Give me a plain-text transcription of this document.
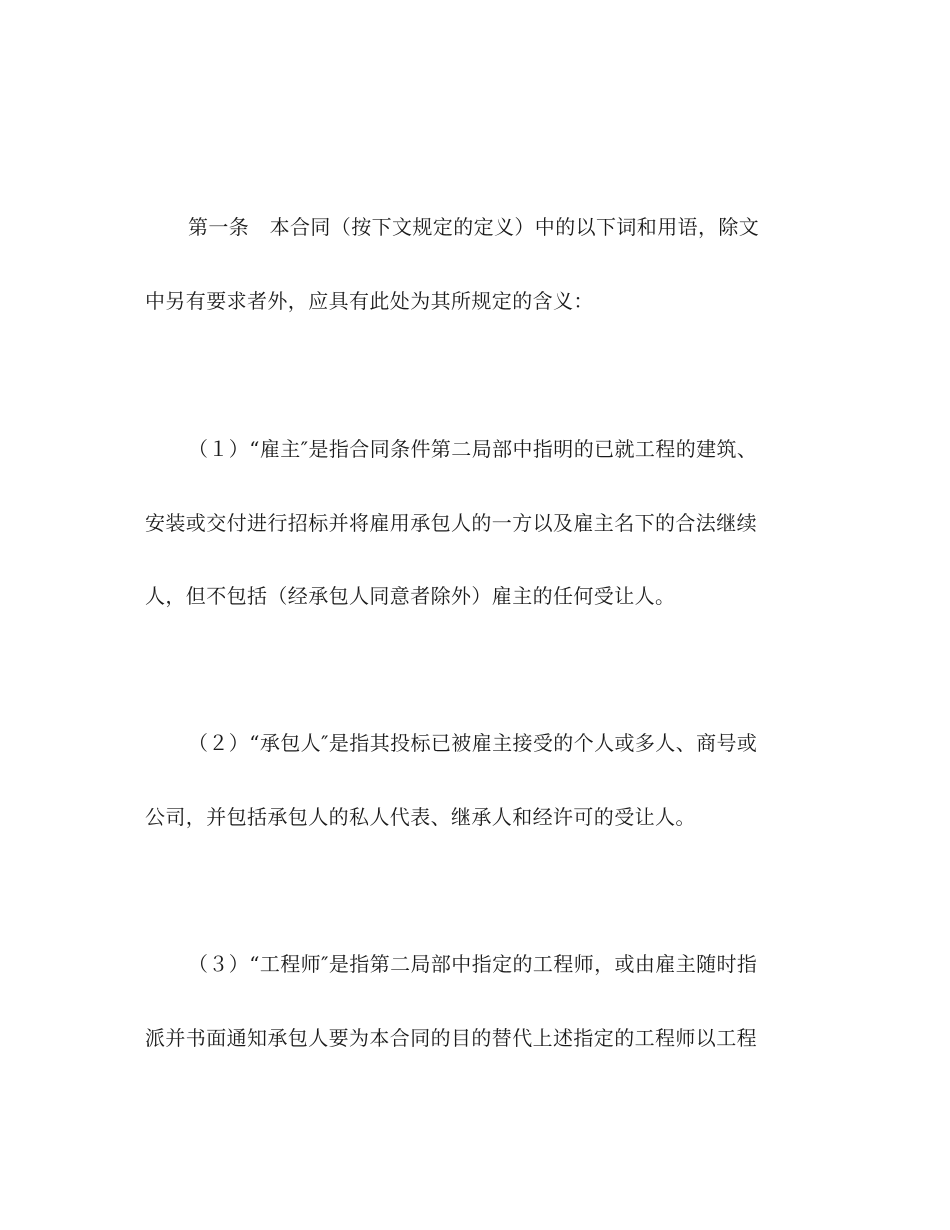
第一条　本合同（按下文规定的定义）中的以下词和用语，除文
中另有要求者外，应具有此处为其所规定的含义：
（１）“雇主″是指合同条件第二局部中指明的已就工程的建筑、
安装或交付进行招标并将雇用承包人的一方以及雇主名下的合法继续
人，但不包括（经承包人同意者除外）雇主的任何受让人。
（２）“承包人″是指其投标已被雇主接受的个人或多人、商号或
公司，并包括承包人的私人代表、继承人和经许可的受让人。
（３）“工程师″是指第二局部中指定的工程师，或由雇主随时指
派并书面通知承包人要为本合同的目的替代上述指定的工程师以工程
